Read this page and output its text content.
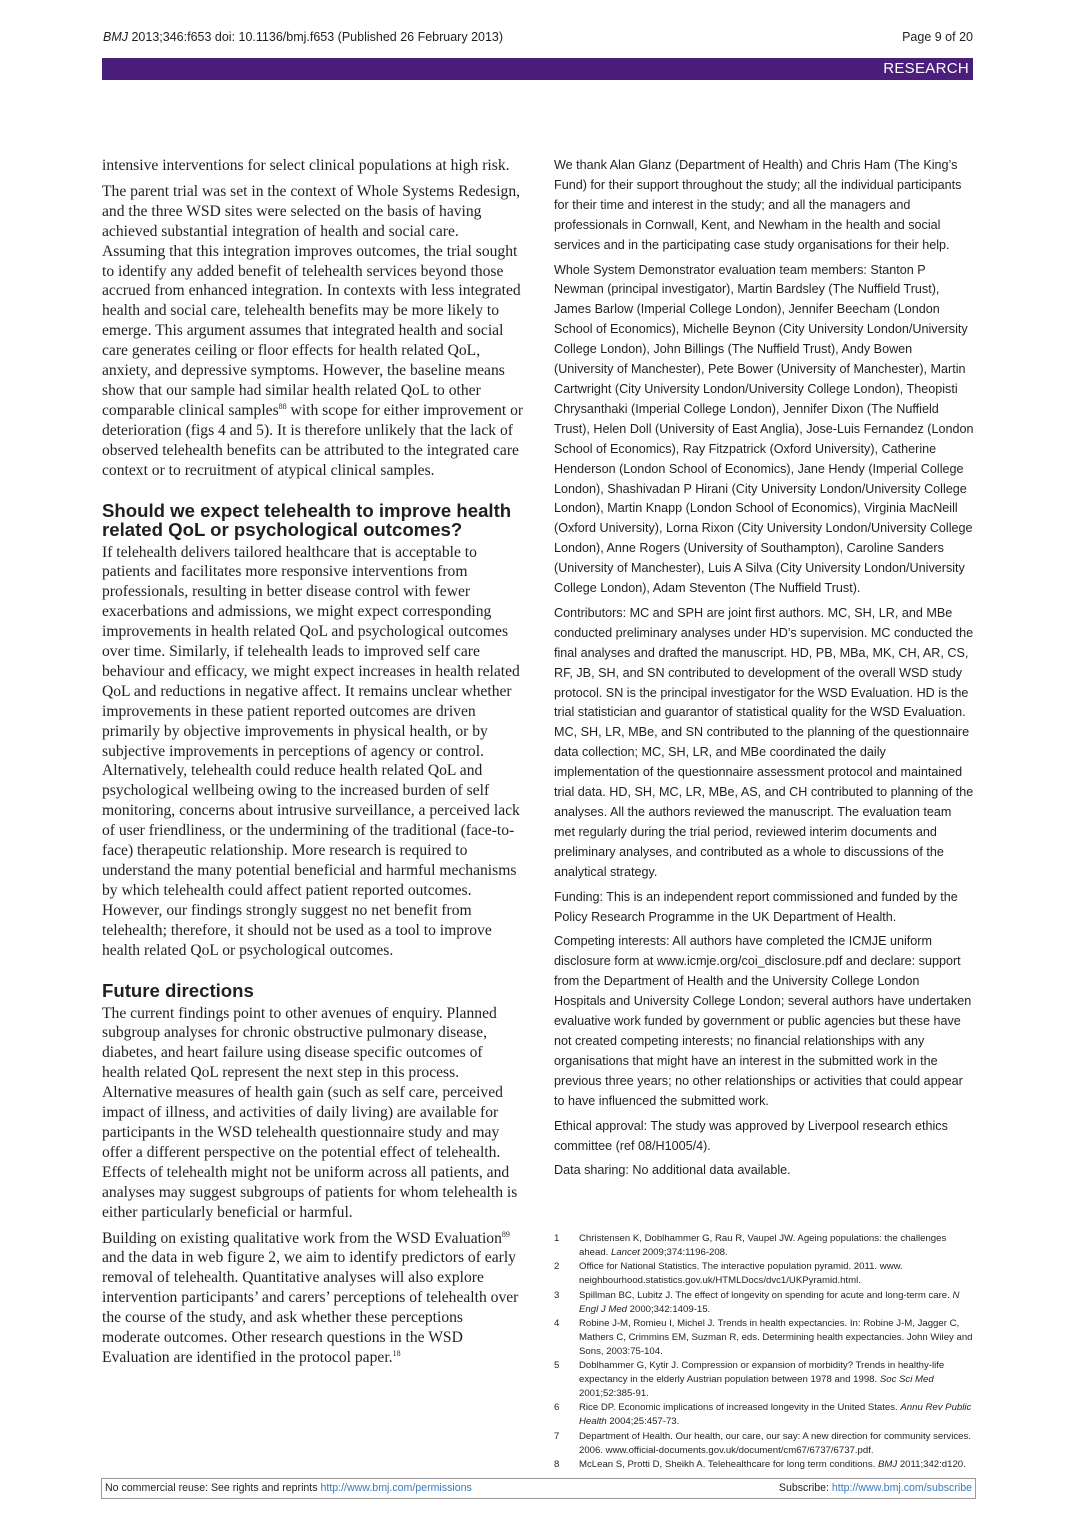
BMJ 2013;346:f653 doi: 10.1136/bmj.f653 (Published 26 February 2013)	Page 9 of 20
RESEARCH

intensive interventions for select clinical populations at high risk.

The parent trial was set in the context of Whole Systems Redesign, and the three WSD sites were selected on the basis of having achieved substantial integration of health and social care. Assuming that this integration improves outcomes, the trial sought to identify any added benefit of telehealth services beyond those accrued from enhanced integration. In contexts with less integrated health and social care, telehealth benefits may be more likely to emerge. This argument assumes that integrated health and social care generates ceiling or floor effects for health related QoL, anxiety, and depressive symptoms. However, the baseline means show that our sample had similar health related QoL to other comparable clinical samples$^{88}$ with scope for either improvement or deterioration (figs 4 and 5). It is therefore unlikely that the lack of observed telehealth benefits can be attributed to the integrated care context or to recruitment of atypical clinical samples.

Should we expect telehealth to improve health related QoL or psychological outcomes?

If telehealth delivers tailored healthcare that is acceptable to patients and facilitates more responsive interventions from professionals, resulting in better disease control with fewer exacerbations and admissions, we might expect corresponding improvements in health related QoL and psychological outcomes over time. Similarly, if telehealth leads to improved self care behaviour and efficacy, we might expect increases in health related QoL and reductions in negative affect. It remains unclear whether improvements in these patient reported outcomes are driven primarily by objective improvements in physical health, or by subjective improvements in perceptions of agency or control. Alternatively, telehealth could reduce health related QoL and psychological wellbeing owing to the increased burden of self monitoring, concerns about intrusive surveillance, a perceived lack of user friendliness, or the undermining of the traditional (face-to-face) therapeutic relationship. More research is required to understand the many potential beneficial and harmful mechanisms by which telehealth could affect patient reported outcomes. However, our findings strongly suggest no net benefit from telehealth; therefore, it should not be used as a tool to improve health related QoL or psychological outcomes.

Future directions

The current findings point to other avenues of enquiry. Planned subgroup analyses for chronic obstructive pulmonary disease, diabetes, and heart failure using disease specific outcomes of health related QoL represent the next step in this process. Alternative measures of health gain (such as self care, perceived impact of illness, and activities of daily living) are available for participants in the WSD telehealth questionnaire study and may offer a different perspective on the potential effect of telehealth. Effects of telehealth might not be uniform across all patients, and analyses may suggest subgroups of patients for whom telehealth is either particularly beneficial or harmful.

Building on existing qualitative work from the WSD Evaluation$^{89}$ and the data in web figure 2, we aim to identify predictors of early removal of telehealth. Quantitative analyses will also explore intervention participants’ and carers’ perceptions of telehealth over the course of the study, and ask whether these perceptions moderate outcomes. Other research questions in the WSD Evaluation are identified in the protocol paper.$^{18}$

We thank Alan Glanz (Department of Health) and Chris Ham (The King’s Fund) for their support throughout the study; all the individual participants for their time and interest in the study; and all the managers and professionals in Cornwall, Kent, and Newham in the health and social services and in the participating case study organisations for their help.

Whole System Demonstrator evaluation team members: Stanton P Newman (principal investigator), Martin Bardsley (The Nuffield Trust), James Barlow (Imperial College London), Jennifer Beecham (London School of Economics), Michelle Beynon (City University London/University College London), John Billings (The Nuffield Trust), Andy Bowen (University of Manchester), Pete Bower (University of Manchester), Martin Cartwright (City University London/University College London), Theopisti Chrysanthaki (Imperial College London), Jennifer Dixon (The Nuffield Trust), Helen Doll (University of East Anglia), Jose-Luis Fernandez (London School of Economics), Ray Fitzpatrick (Oxford University), Catherine Henderson (London School of Economics), Jane Hendy (Imperial College London), Shashivadan P Hirani (City University London/University College London), Martin Knapp (London School of Economics), Virginia MacNeill (Oxford University), Lorna Rixon (City University London/University College London), Anne Rogers (University of Southampton), Caroline Sanders (University of Manchester), Luis A Silva (City University London/University College London), Adam Steventon (The Nuffield Trust).

Contributors: MC and SPH are joint first authors. MC, SH, LR, and MBe conducted preliminary analyses under HD’s supervision. MC conducted the final analyses and drafted the manuscript. HD, PB, MBa, MK, CH, AR, CS, RF, JB, SH, and SN contributed to development of the overall WSD study protocol. SN is the principal investigator for the WSD Evaluation. HD is the trial statistician and guarantor of statistical quality for the WSD Evaluation. MC, SH, LR, MBe, and SN contributed to the planning of the questionnaire data collection; MC, SH, LR, and MBe coordinated the daily implementation of the questionnaire assessment protocol and maintained trial data. HD, SH, MC, LR, MBe, AS, and CH contributed to planning of the analyses. All the authors reviewed the manuscript. The evaluation team met regularly during the trial period, reviewed interim documents and preliminary analyses, and contributed as a whole to discussions of the analytical strategy.

Funding: This is an independent report commissioned and funded by the Policy Research Programme in the UK Department of Health.

Competing interests: All authors have completed the ICMJE uniform disclosure form at www.icmje.org/coi_disclosure.pdf and declare: support from the Department of Health and the University College London Hospitals and University College London; several authors have undertaken evaluative work funded by government or public agencies but these have not created competing interests; no financial relationships with any organisations that might have an interest in the submitted work in the previous three years; no other relationships or activities that could appear to have influenced the submitted work.

Ethical approval: The study was approved by Liverpool research ethics committee (ref 08/H1005/4).

Data sharing: No additional data available.

1	Christensen K, Doblhammer G, Rau R, Vaupel JW. Ageing populations: the challenges ahead. Lancet 2009;374:1196-208.
2	Office for National Statistics. The interactive population pyramid. 2011. www. neighbourhood.statistics.gov.uk/HTMLDocs/dvc1/UKPyramid.html.
3	Spillman BC, Lubitz J. The effect of longevity on spending for acute and long-term care. N Engl J Med 2000;342:1409-15.
4	Robine J-M, Romieu I, Michel J. Trends in health expectancies. In: Robine J-M, Jagger C, Mathers C, Crimmins EM, Suzman R, eds. Determining health expectancies. John Wiley and Sons, 2003:75-104.
5	Doblhammer G, Kytir J. Compression or expansion of morbidity? Trends in healthy-life expectancy in the elderly Austrian population between 1978 and 1998. Soc Sci Med 2001;52:385-91.
6	Rice DP. Economic implications of increased longevity in the United States. Annu Rev Public Health 2004;25:457-73.
7	Department of Health. Our health, our care, our say: A new direction for community services. 2006. www.official-documents.gov.uk/document/cm67/6737/6737.pdf.
8	McLean S, Protti D, Sheikh A. Telehealthcare for long term conditions. BMJ 2011;342:d120.
No commercial reuse: See rights and reprints http://www.bmj.com/permissions	Subscribe: http://www.bmj.com/subscribe
